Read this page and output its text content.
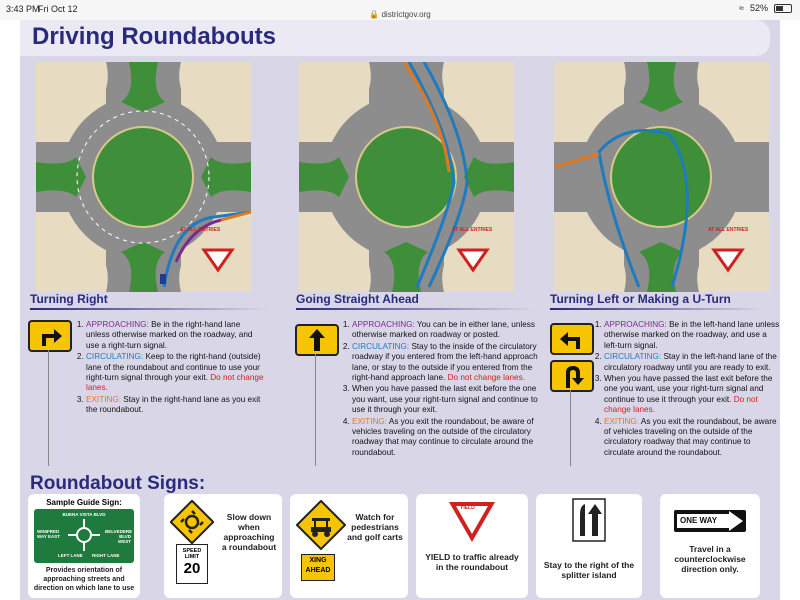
3:43 PM
Fri Oct 12
🔒 districtgov.org
≈ 52%
Driving Roundabouts
AT ALL ENTRIES	AT ALL ENTRIES	AT ALL ENTRIES
Turning Right	Going Straight Ahead	Turning Left or Making a U-Turn
1. APPROACHING: Be in the right-hand lane unless otherwise marked on the roadway, and use a right-turn signal.
2. CIRCULATING: Keep to the right-hand (outside) lane of the roundabout and continue to use your right-turn signal through your exit. Do not change lanes.
3. EXITING: Stay in the right-hand lane as you exit the roundabout.
1. APPROACHING: You can be in either lane, unless otherwise marked on roadway or posted.
2. CIRCULATING: Stay to the inside of the circulatory roadway if you entered from the left-hand approach lane, or stay to the outside if you entered from the right-hand approach lane. Do not change lanes.
3. When you have passed the last exit before the one you want, use your right-turn signal and continue to use it through your exit.
4. EXITING: As you exit the roundabout, be aware of vehicles traveling on the outside of the circulatory roadway that may continue to circulate around the roundabout.
1. APPROACHING: Be in the left-hand lane unless otherwise marked on the roadway, and use a left-turn signal.
2. CIRCULATING: Stay in the left-hand lane of the circulatory roadway until you are ready to exit.
3. When you have passed the last exit before the one you want, use your right-turn signal and continue to use it through your exit. Do not change lanes.
4. EXITING: As you exit the roundabout, be aware of vehicles traveling on the outside of the circulatory roadway that may continue to circulate around the roundabout.
Roundabout Signs:
Sample Guide Sign:
BUENA VISTA BLVD
WINIFRED WAY EAST
BELVEDERE BLVD WEST
LEFT LANE RIGHT LANE
Provides orientation of approaching streets and direction on which lane to use
SPEED LIMIT
20
Slow down when approaching a roundabout
XING AHEAD
Watch for pedestrians and golf carts
YIELD
YIELD to traffic already in the roundabout	Stay to the right of the splitter island
ONE WAY
Travel in a counterclockwise direction only.
